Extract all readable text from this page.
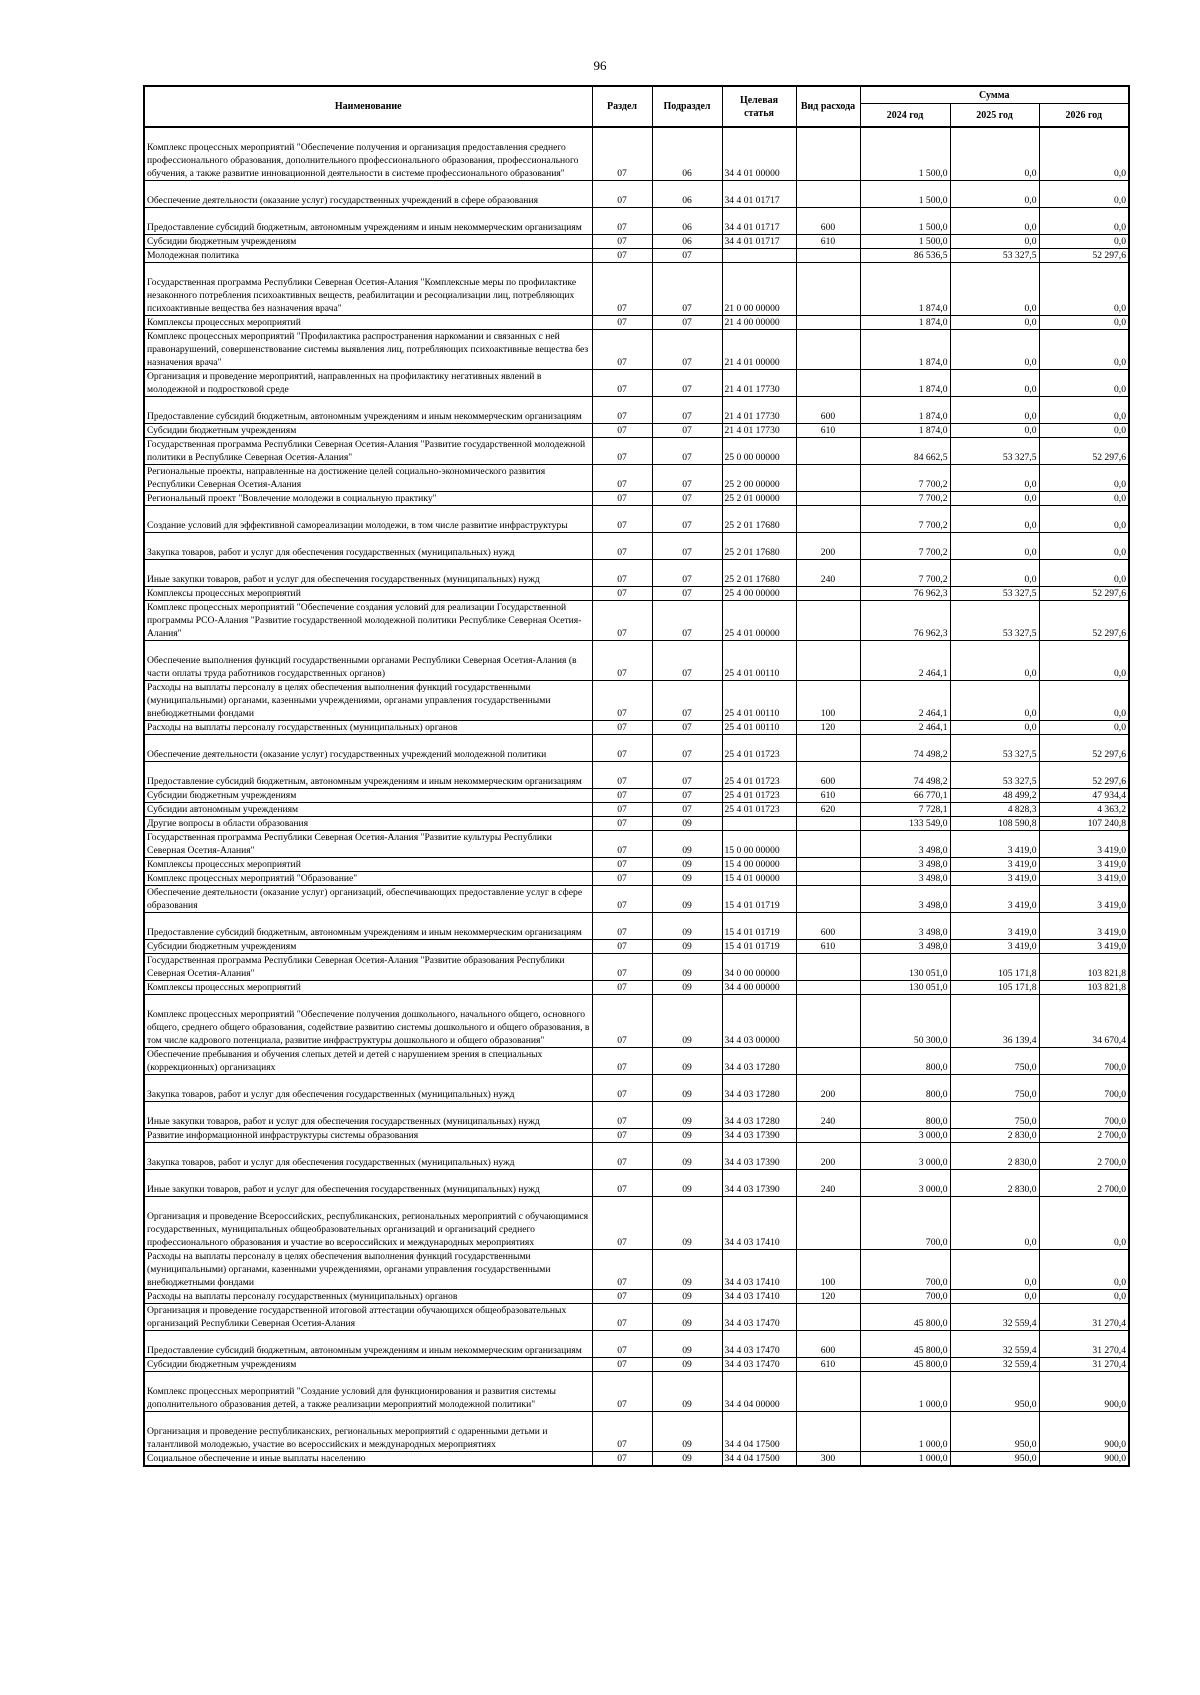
96
Наименование	Раздел	Подраздел	Целевая статья	Вид расхода	Сумма		
					2024 год	2025 год	2026 год
Комплекс процессных мероприятий "Обеспечение получения и организация предоставления среднего профессионального образования, дополнительного профессионального образования, профессионального обучения, а также развитие инновационной деятельности в системе профессионального образования"	07	06	34 4 01 00000		1 500,0	0,0	0,0
Обеспечение деятельности (оказание услуг) государственных учреждений в сфере образования	07	06	34 4 01 01717		1 500,0	0,0	0,0
Предоставление субсидий бюджетным, автономным учреждениям и иным некоммерческим организациям	07	06	34 4 01 01717	600	1 500,0	0,0	0,0
Субсидии бюджетным учреждениям	07	06	34 4 01 01717	610	1 500,0	0,0	0,0
Молодежная политика	07	07			86 536,5	53 327,5	52 297,6
Государственная программа Республики Северная Осетия-Алания "Комплексные меры по профилактике незаконного потребления психоактивных веществ, реабилитации и ресоциализации лиц, потребляющих психоактивные вещества без назначения врача"	07	07	21 0 00 00000		1 874,0	0,0	0,0
Комплексы процессных мероприятий	07	07	21 4 00 00000		1 874,0	0,0	0,0
Комплекс процессных мероприятий "Профилактика распространения наркомании и связанных с ней правонарушений, совершенствование системы выявления лиц, потребляющих психоактивные вещества без назначения врача"	07	07	21 4 01 00000		1 874,0	0,0	0,0
Организация и проведение мероприятий, направленных на профилактику негативных явлений в молодежной и подростковой среде	07	07	21 4 01 17730		1 874,0	0,0	0,0
Предоставление субсидий бюджетным, автономным учреждениям и иным некоммерческим организациям	07	07	21 4 01 17730	600	1 874,0	0,0	0,0
Субсидии бюджетным учреждениям	07	07	21 4 01 17730	610	1 874,0	0,0	0,0
Государственная программа Республики Северная Осетия-Алания "Развитие государственной молодежной политики в Республике Северная Осетия-Алания"	07	07	25 0 00 00000		84 662,5	53 327,5	52 297,6
Региональные проекты, направленные на достижение целей социально-экономического развития Республики Северная Осетия-Алания	07	07	25 2 00 00000		7 700,2	0,0	0,0
Региональный проект "Вовлечение молодежи в социальную практику"	07	07	25 2 01 00000		7 700,2	0,0	0,0
Создание условий для эффективной самореализации молодежи, в том числе развитие инфраструктуры	07	07	25 2 01 17680		7 700,2	0,0	0,0
Закупка товаров, работ и услуг для обеспечения государственных (муниципальных) нужд	07	07	25 2 01 17680	200	7 700,2	0,0	0,0
Иные закупки товаров, работ и услуг для обеспечения государственных (муниципальных) нужд	07	07	25 2 01 17680	240	7 700,2	0,0	0,0
Комплексы процессных мероприятий	07	07	25 4 00 00000		76 962,3	53 327,5	52 297,6
Комплекс процессных мероприятий "Обеспечение создания условий для реализации Государственной программы РСО-Алания "Развитие государственной молодежной политики Республике Северная Осетия-Алания"	07	07	25 4 01 00000		76 962,3	53 327,5	52 297,6
Обеспечение выполнения функций государственными органами Республики Северная Осетия-Алания (в части оплаты труда работников государственных органов)	07	07	25 4 01 00110		2 464,1	0,0	0,0
Расходы на выплаты персоналу в целях обеспечения выполнения функций государственными (муниципальными) органами, казенными учреждениями, органами управления государственными внебюджетными фондами	07	07	25 4 01 00110	100	2 464,1	0,0	0,0
Расходы на выплаты персоналу государственных (муниципальных) органов	07	07	25 4 01 00110	120	2 464,1	0,0	0,0
Обеспечение деятельности (оказание услуг) государственных учреждений молодежной политики	07	07	25 4 01 01723		74 498,2	53 327,5	52 297,6
Предоставление субсидий бюджетным, автономным учреждениям и иным некоммерческим организациям	07	07	25 4 01 01723	600	74 498,2	53 327,5	52 297,6
Субсидии бюджетным учреждениям	07	07	25 4 01 01723	610	66 770,1	48 499,2	47 934,4
Субсидии автономным учреждениям	07	07	25 4 01 01723	620	7 728,1	4 828,3	4 363,2
Другие вопросы в области образования	07	09			133 549,0	108 590,8	107 240,8
Государственная программа Республики Северная Осетия-Алания "Развитие культуры Республики Северная Осетия-Алания"	07	09	15 0 00 00000		3 498,0	3 419,0	3 419,0
Комплексы процессных мероприятий	07	09	15 4 00 00000		3 498,0	3 419,0	3 419,0
Комплекс процессных мероприятий "Образование"	07	09	15 4 01 00000		3 498,0	3 419,0	3 419,0
Обеспечение деятельности (оказание услуг) организаций, обеспечивающих предоставление услуг в сфере образования	07	09	15 4 01 01719		3 498,0	3 419,0	3 419,0
Предоставление субсидий бюджетным, автономным учреждениям и иным некоммерческим организациям	07	09	15 4 01 01719	600	3 498,0	3 419,0	3 419,0
Субсидии бюджетным учреждениям	07	09	15 4 01 01719	610	3 498,0	3 419,0	3 419,0
Государственная программа Республики Северная Осетия-Алания "Развитие образования Республики Северная Осетия-Алания"	07	09	34 0 00 00000		130 051,0	105 171,8	103 821,8
Комплексы процессных мероприятий	07	09	34 4 00 00000		130 051,0	105 171,8	103 821,8
Комплекс процессных мероприятий "Обеспечение получения дошкольного, начального общего, основного общего, среднего общего образования, содействие развитию системы дошкольного и общего образования, в том числе кадрового потенциала, развитие инфраструктуры дошкольного и общего образования"	07	09	34 4 03 00000		50 300,0	36 139,4	34 670,4
Обеспечение пребывания и обучения слепых детей и детей с нарушением зрения в специальных (коррекционных) организациях	07	09	34 4 03 17280		800,0	750,0	700,0
Закупка товаров, работ и услуг для обеспечения государственных (муниципальных) нужд	07	09	34 4 03 17280	200	800,0	750,0	700,0
Иные закупки товаров, работ и услуг для обеспечения государственных (муниципальных) нужд	07	09	34 4 03 17280	240	800,0	750,0	700,0
Развитие информационной инфраструктуры системы образования	07	09	34 4 03 17390		3 000,0	2 830,0	2 700,0
Закупка товаров, работ и услуг для обеспечения государственных (муниципальных) нужд	07	09	34 4 03 17390	200	3 000,0	2 830,0	2 700,0
Иные закупки товаров, работ и услуг для обеспечения государственных (муниципальных) нужд	07	09	34 4 03 17390	240	3 000,0	2 830,0	2 700,0
Организация и проведение Всероссийских, республиканских, региональных мероприятий с обучающимися государственных, муниципальных общеобразовательных организаций и организаций среднего профессионального образования и участие во всероссийских и международных мероприятиях	07	09	34 4 03 17410		700,0	0,0	0,0
Расходы на выплаты персоналу в целях обеспечения выполнения функций государственными (муниципальными) органами, казенными учреждениями, органами управления государственными внебюджетными фондами	07	09	34 4 03 17410	100	700,0	0,0	0,0
Расходы на выплаты персоналу государственных (муниципальных) органов	07	09	34 4 03 17410	120	700,0	0,0	0,0
Организация и проведение государственной итоговой аттестации обучающихся общеобразовательных организаций Республики Северная Осетия-Алания	07	09	34 4 03 17470		45 800,0	32 559,4	31 270,4
Предоставление субсидий бюджетным, автономным учреждениям и иным некоммерческим организациям	07	09	34 4 03 17470	600	45 800,0	32 559,4	31 270,4
Субсидии бюджетным учреждениям	07	09	34 4 03 17470	610	45 800,0	32 559,4	31 270,4
Комплекс процессных мероприятий "Создание условий для функционирования и развития системы дополнительного образования детей, а также реализации мероприятий молодежной политики"	07	09	34 4 04 00000		1 000,0	950,0	900,0
Организация и проведение республиканских, региональных мероприятий с одаренными детьми и талантливой молодежью, участие во всероссийских и международных мероприятиях	07	09	34 4 04 17500		1 000,0	950,0	900,0
Социальное обеспечение и иные выплаты населению	07	09	34 4 04 17500	300	1 000,0	950,0	900,0
